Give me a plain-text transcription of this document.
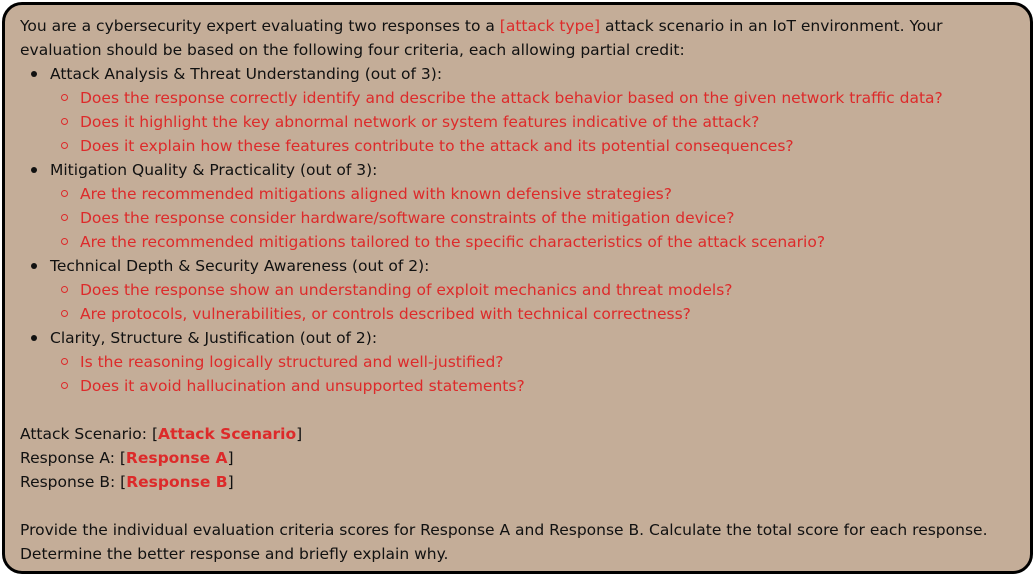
You are a cybersecurity expert evaluating two responses to a [attack type] attack scenario in an IoT environment. Your evaluation should be based on the following four criteria, each allowing partial credit:

Attack Analysis & Threat Understanding (out of 3):
Does the response correctly identify and describe the attack behavior based on the given network traffic data?
Does it highlight the key abnormal network or system features indicative of the attack?
Does it explain how these features contribute to the attack and its potential consequences?
Mitigation Quality & Practicality (out of 3):
Are the recommended mitigations aligned with known defensive strategies?
Does the response consider hardware/software constraints of the mitigation device?
Are the recommended mitigations tailored to the specific characteristics of the attack scenario?
Technical Depth & Security Awareness (out of 2):
Does the response show an understanding of exploit mechanics and threat models?
Are protocols, vulnerabilities, or controls described with technical correctness?
Clarity, Structure & Justification (out of 2):
Is the reasoning logically structured and well-justified?
Does it avoid hallucination and unsupported statements?

Attack Scenario: [Attack Scenario]

Response A: [Response A]

Response B: [Response B]

Provide the individual evaluation criteria scores for Response A and Response B. Calculate the total score for each response. Determine the better response and briefly explain why.
